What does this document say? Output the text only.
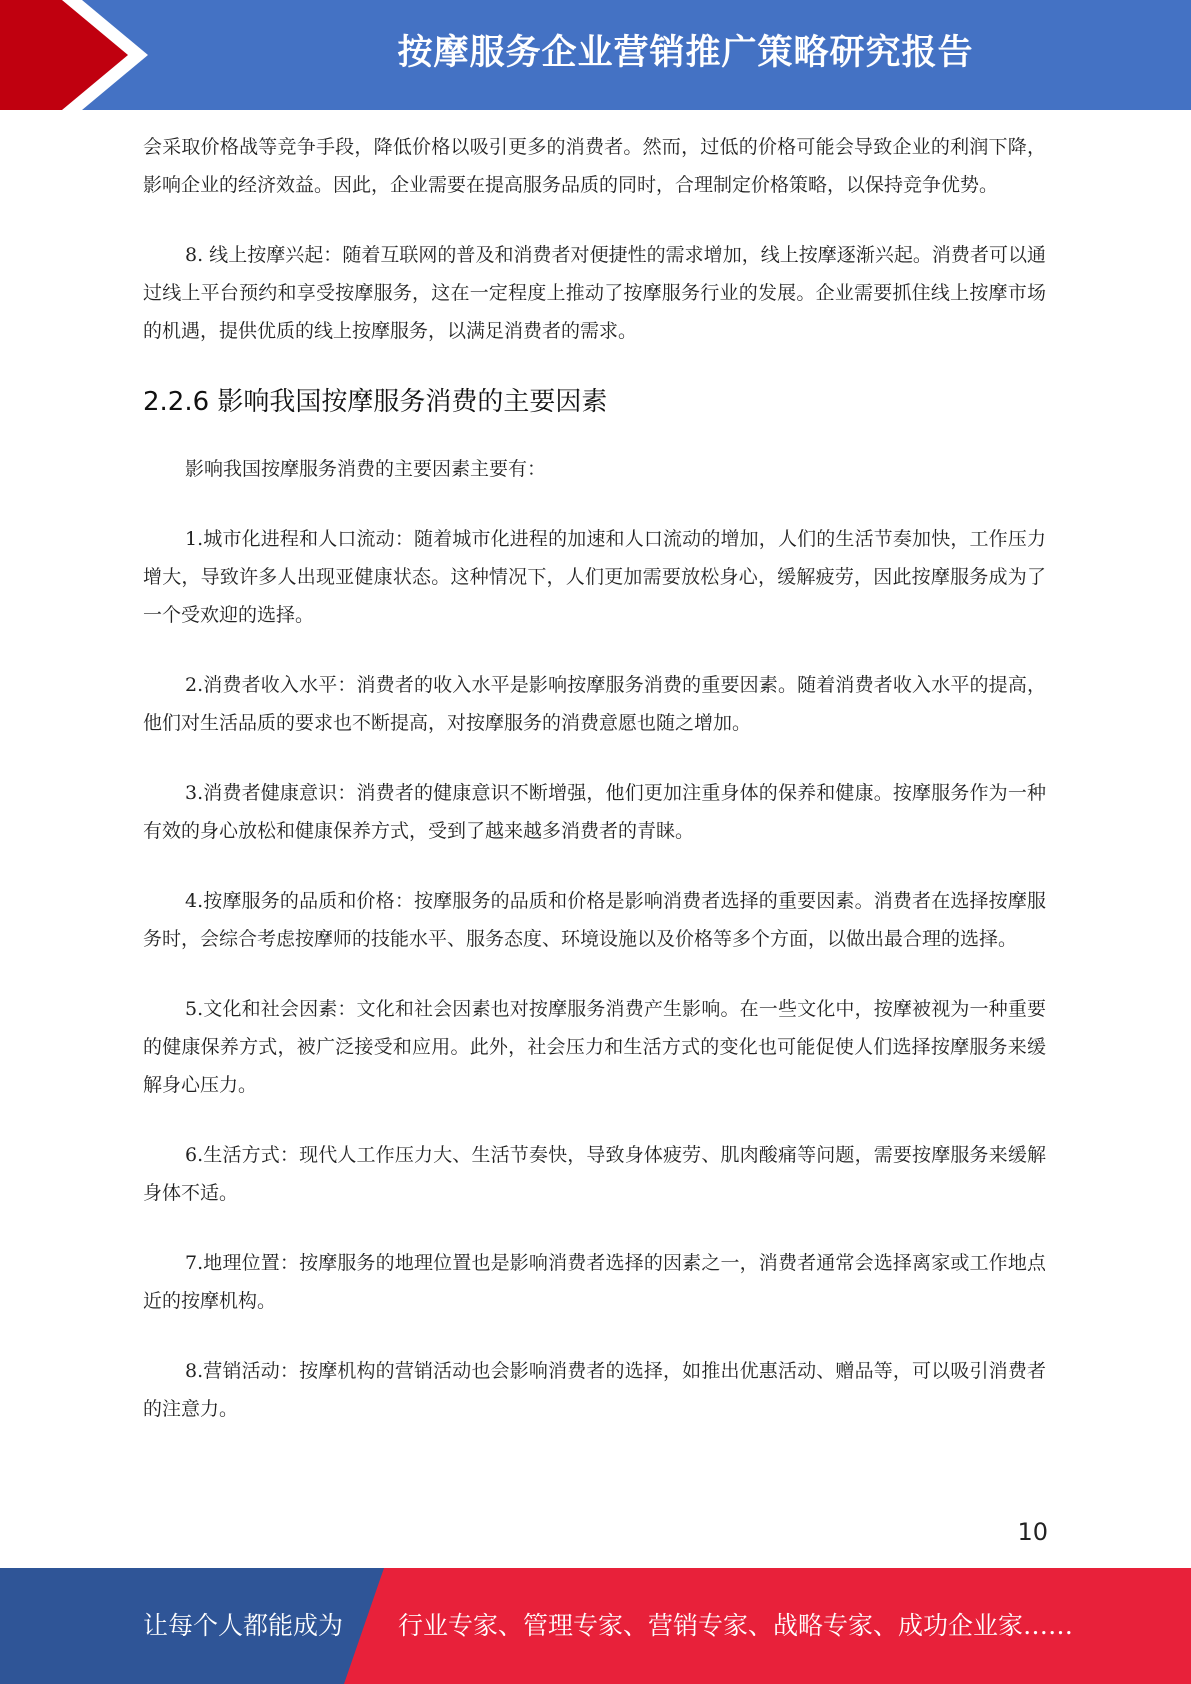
按摩服务企业营销推广策略研究报告

会采取价格战等竞争手段，降低价格以吸引更多的消费者。然而，过低的价格可能会导致企业的利润下降，影响企业的经济效益。因此，企业需要在提高服务品质的同时，合理制定价格策略，以保持竞争优势。

8. 线上按摩兴起：随着互联网的普及和消费者对便捷性的需求增加，线上按摩逐渐兴起。消费者可以通过线上平台预约和享受按摩服务，这在一定程度上推动了按摩服务行业的发展。企业需要抓住线上按摩市场的机遇，提供优质的线上按摩服务，以满足消费者的需求。

2.2.6 影响我国按摩服务消费的主要因素

影响我国按摩服务消费的主要因素主要有：

1.城市化进程和人口流动：随着城市化进程的加速和人口流动的增加，人们的生活节奏加快，工作压力增大，导致许多人出现亚健康状态。这种情况下，人们更加需要放松身心，缓解疲劳，因此按摩服务成为了一个受欢迎的选择。

2.消费者收入水平：消费者的收入水平是影响按摩服务消费的重要因素。随着消费者收入水平的提高，他们对生活品质的要求也不断提高，对按摩服务的消费意愿也随之增加。

3.消费者健康意识：消费者的健康意识不断增强，他们更加注重身体的保养和健康。按摩服务作为一种有效的身心放松和健康保养方式，受到了越来越多消费者的青睐。

4.按摩服务的品质和价格：按摩服务的品质和价格是影响消费者选择的重要因素。消费者在选择按摩服务时，会综合考虑按摩师的技能水平、服务态度、环境设施以及价格等多个方面，以做出最合理的选择。

5.文化和社会因素：文化和社会因素也对按摩服务消费产生影响。在一些文化中，按摩被视为一种重要的健康保养方式，被广泛接受和应用。此外，社会压力和生活方式的变化也可能促使人们选择按摩服务来缓解身心压力。

6.生活方式：现代人工作压力大、生活节奏快，导致身体疲劳、肌肉酸痛等问题，需要按摩服务来缓解身体不适。

7.地理位置：按摩服务的地理位置也是影响消费者选择的因素之一，消费者通常会选择离家或工作地点近的按摩机构。

8.营销活动：按摩机构的营销活动也会影响消费者的选择，如推出优惠活动、赠品等，可以吸引消费者的注意力。

10
让每个人都能成为 行业专家、管理专家、营销专家、战略专家、成功企业家……
